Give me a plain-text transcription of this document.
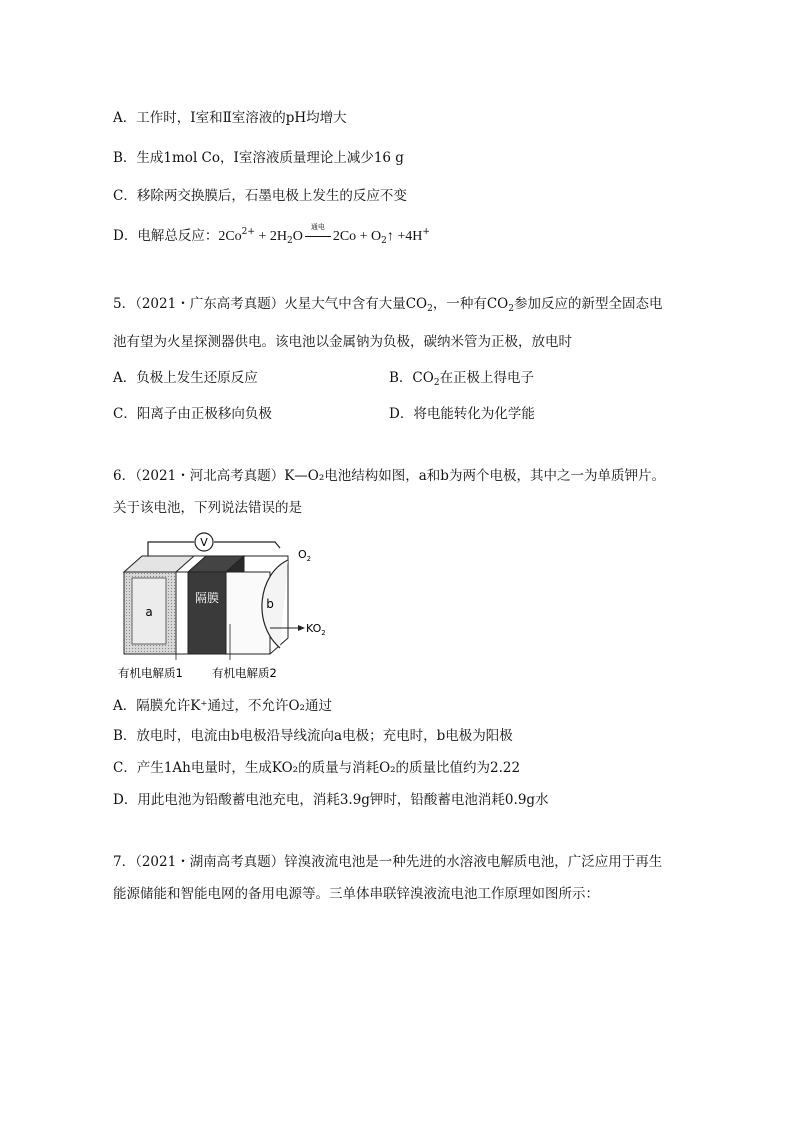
A．工作时，Ⅰ室和Ⅱ室溶液的pH均增大
B．生成1mol Co，Ⅰ室溶液质量理论上减少16 g
C．移除两交换膜后，石墨电极上发生的反应不变
D．电解总反应：$2Co^{2+} + 2H_2O$
通电
$2Co + O_2↑ +4H^+$
5．（2021・广东高考真题）火星大气中含有大量$CO_2$，一种有$CO_2$参加反应的新型全固态电
池有望为火星探测器供电。该电池以金属钠为负极，碳纳米管为正极，放电时
A．负极上发生还原反应	B．$CO_2$在正极上得电子
C．阳离子由正极移向负极	D．将电能转化为化学能
6．（2021・河北高考真题）K—O₂电池结构如图，a和b为两个电极，其中之一为单质钾片。
关于该电池，下列说法错误的是
V
a
隔膜	b
$O_2$
$KO_2$
有机电解质1	有机电解质2
A．隔膜允许K⁺通过，不允许O₂通过
B．放电时，电流由b电极沿导线流向a电极；充电时，b电极为阳极
C．产生1Ah电量时，生成KO₂的质量与消耗O₂的质量比值约为2.22
D．用此电池为铅酸蓄电池充电，消耗3.9g钾时，铅酸蓄电池消耗0.9g水
7．（2021・湖南高考真题）锌溴液流电池是一种先进的水溶液电解质电池，广泛应用于再生
能源储能和智能电网的备用电源等。三单体串联锌溴液流电池工作原理如图所示：
